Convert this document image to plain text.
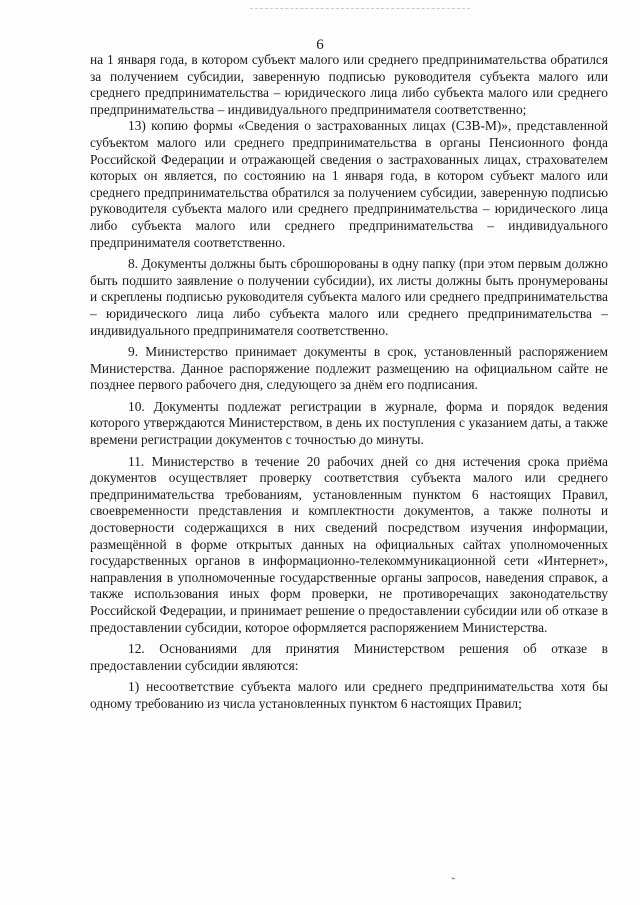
6

на 1 января года, в котором субъект малого или среднего предпринимательства обратился за получением субсидии, заверенную подписью руководителя субъекта малого или среднего предпринимательства – юридического лица либо субъекта малого или среднего предпринимательства – индивидуального предпринимателя соответственно;

13) копию формы «Сведения о застрахованных лицах (СЗВ-М)», представленной субъектом малого или среднего предпринимательства в органы Пенсионного фонда Российской Федерации и отражающей сведения о застрахованных лицах, страхователем которых он является, по состоянию на 1 января года, в котором субъект малого или среднего предпринимательства обратился за получением субсидии, заверенную подписью руководителя субъекта малого или среднего предпринимательства – юридического лица либо субъекта малого или среднего предпринимательства – индивидуального предпринимателя соответственно.

8. Документы должны быть сброшюрованы в одну папку (при этом первым должно быть подшито заявление о получении субсидии), их листы должны быть пронумерованы и скреплены подписью руководителя субъекта малого или среднего предпринимательства – юридического лица либо субъекта малого или среднего предпринимательства – индивидуального предпринимателя соответственно.

9. Министерство принимает документы в срок, установленный распоряжением Министерства. Данное распоряжение подлежит размещению на официальном сайте не позднее первого рабочего дня, следующего за днём его подписания.

10. Документы подлежат регистрации в журнале, форма и порядок ведения которого утверждаются Министерством, в день их поступления с указанием даты, а также времени регистрации документов с точностью до минуты.

11. Министерство в течение 20 рабочих дней со дня истечения срока приёма документов осуществляет проверку соответствия субъекта малого или среднего предпринимательства требованиям, установленным пунктом 6 настоящих Правил, своевременности представления и комплектности документов, а также полноты и достоверности содержащихся в них сведений посредством изучения информации, размещённой в форме открытых данных на официальных сайтах уполномоченных государственных органов в информационно-телекоммуникационной сети «Интернет», направления в уполномоченные государственные органы запросов, наведения справок, а также использования иных форм проверки, не противоречащих законодательству Российской Федерации, и принимает решение о предоставлении субсидии или об отказе в предоставлении субсидии, которое оформляется распоряжением Министерства.

12. Основаниями для принятия Министерством решения об отказе в предоставлении субсидии являются:

1) несоответствие субъекта малого или среднего предпринимательства хотя бы одному требованию из числа установленных пунктом 6 настоящих Правил;

ˇ
